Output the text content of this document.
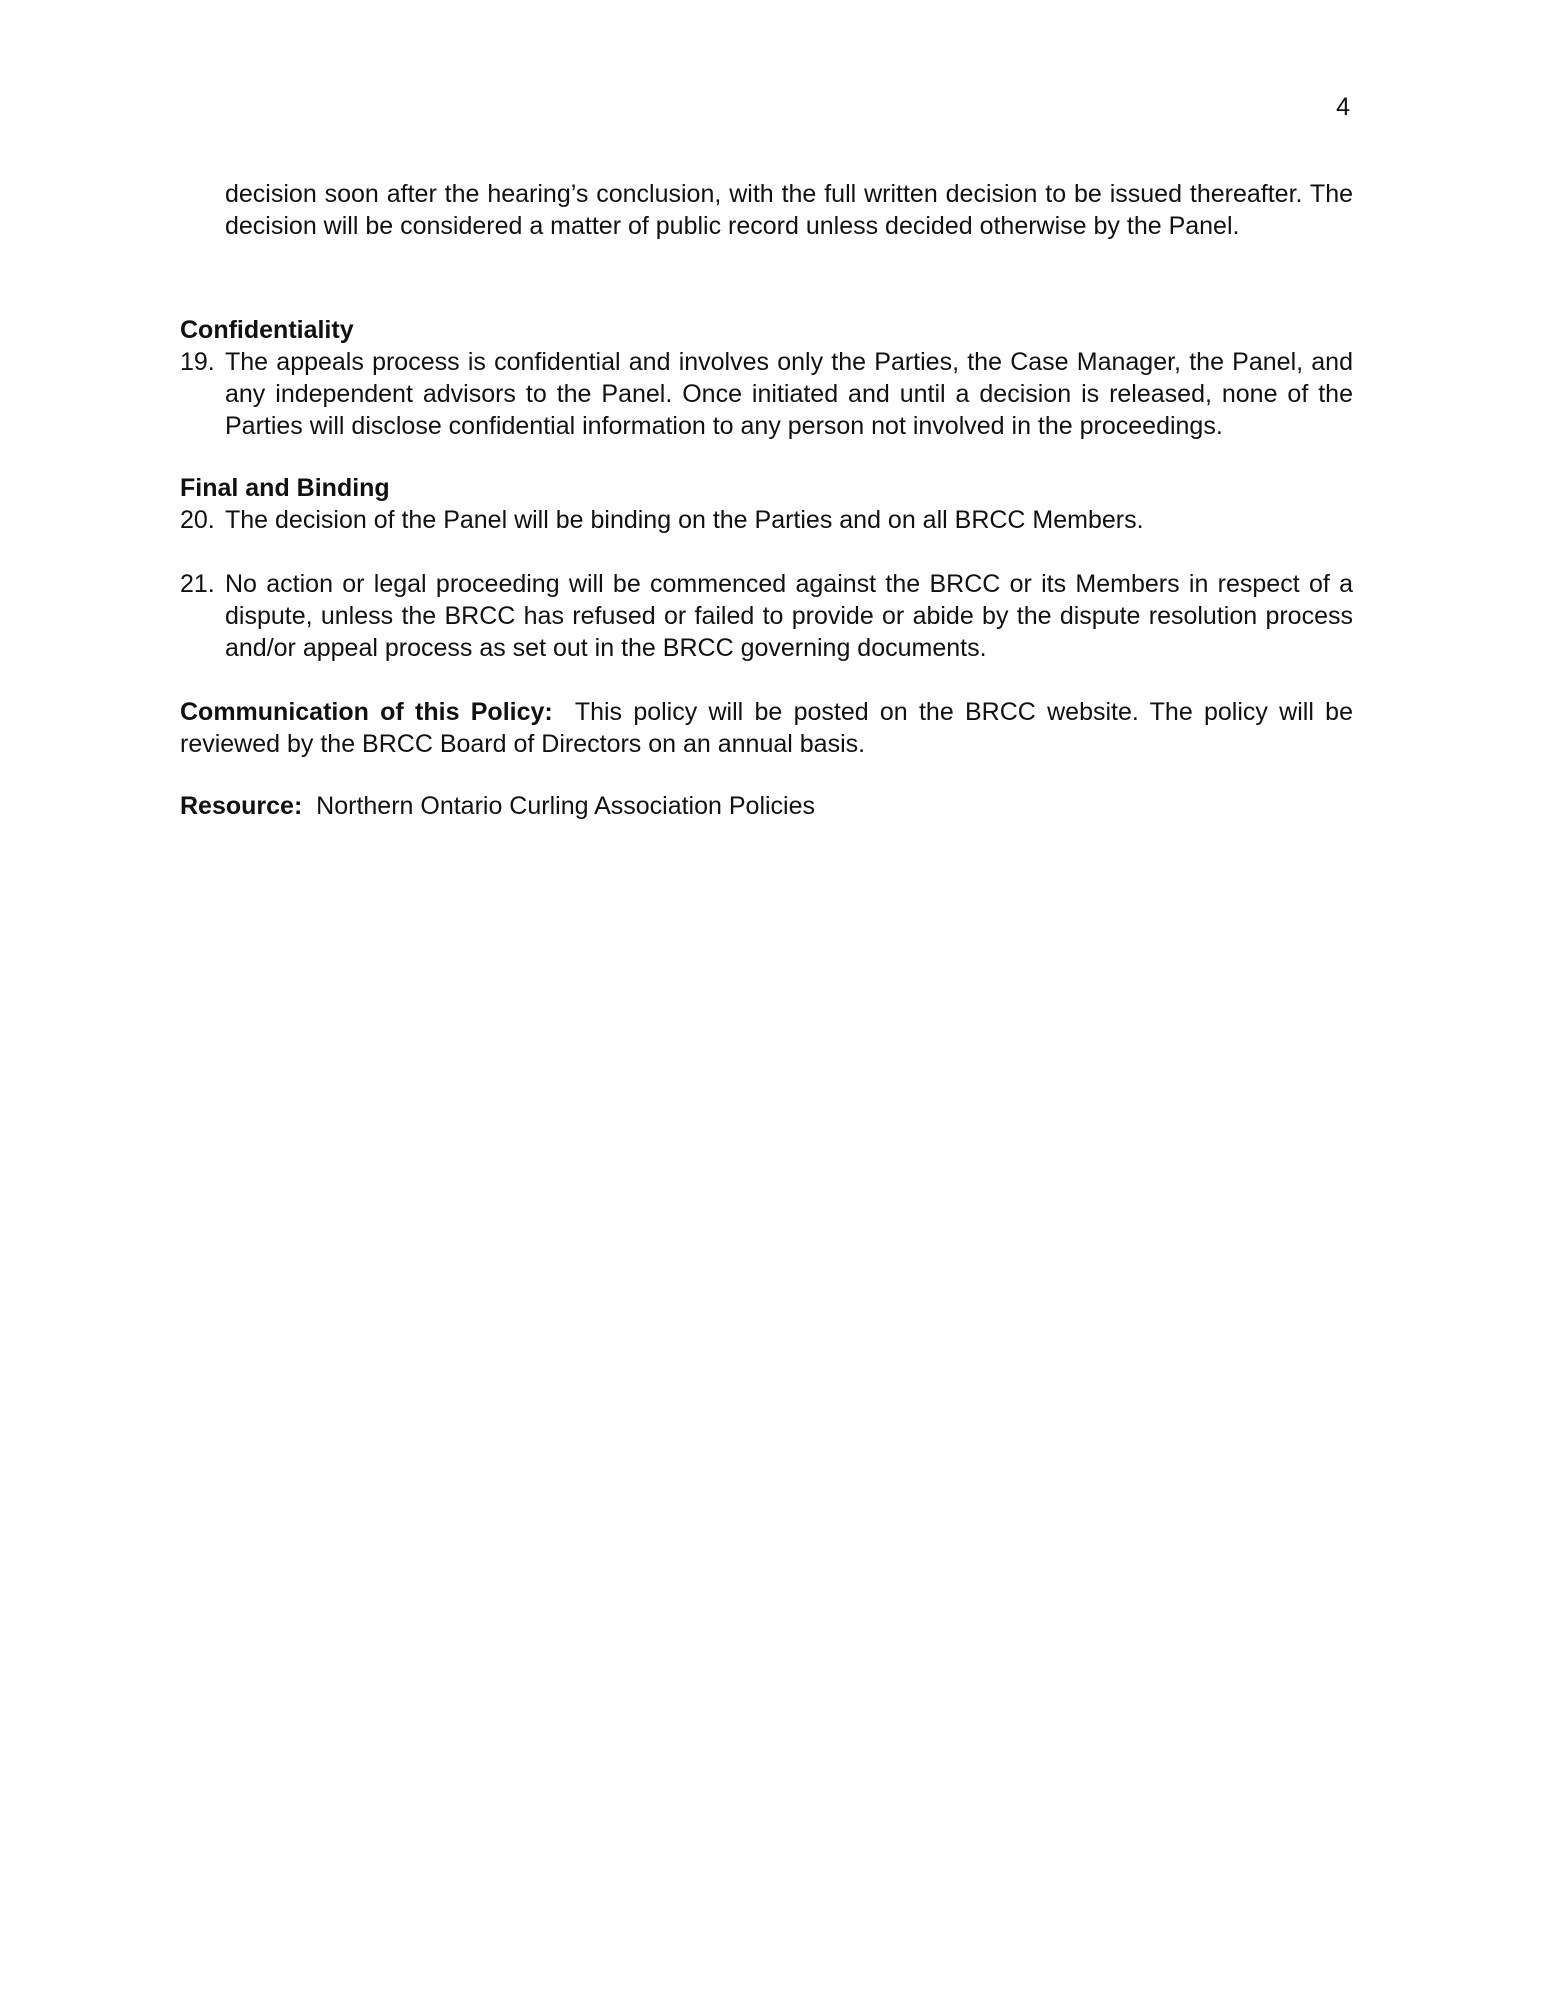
4

decision soon after the hearing’s conclusion, with the full written decision to be issued thereafter. The decision will be considered a matter of public record unless decided otherwise by the Panel.

Confidentiality

19. The appeals process is confidential and involves only the Parties, the Case Manager, the Panel, and any independent advisors to the Panel. Once initiated and until a decision is released, none of the Parties will disclose confidential information to any person not involved in the proceedings.

Final and Binding

20. The decision of the Panel will be binding on the Parties and on all BRCC Members.
21. No action or legal proceeding will be commenced against the BRCC or its Members in respect of a dispute, unless the BRCC has refused or failed to provide or abide by the dispute resolution process and/or appeal process as set out in the BRCC governing documents.

Communication of this Policy: This policy will be posted on the BRCC website. The policy will be reviewed by the BRCC Board of Directors on an annual basis.

Resource: Northern Ontario Curling Association Policies
